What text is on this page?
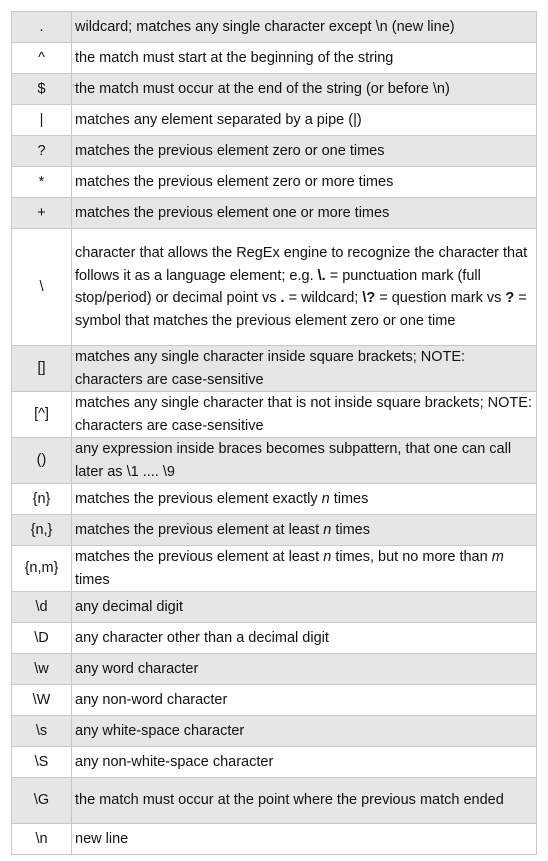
.	wildcard; matches any single character except \n (new line)
^	the match must start at the beginning of the string
$	the match must occur at the end of the string (or before \n)
|	matches any element separated by a pipe (|)
?	matches the previous element zero or one times
*	matches the previous element zero or more times
+	matches the previous element one or more times
\	character that allows the RegEx engine to recognize the character that follows it as a language element; e.g. \. = punctuation mark (full stop/period) or decimal point vs . = wildcard; \? = question mark vs ? = symbol that matches the previous element zero or one time
[]	matches any single character inside square brackets; NOTE: characters are case-sensitive
[^]	matches any single character that is not inside square brackets; NOTE: characters are case-sensitive
()	any expression inside braces becomes subpattern, that one can call later as \1 .... \9
{n}	matches the previous element exactly n times
{n,}	matches the previous element at least n times
{n,m}	matches the previous element at least n times, but no more than m times
\d	any decimal digit
\D	any character other than a decimal digit
\w	any word character
\W	any non-word character
\s	any white-space character
\S	any non-white-space character
\G	the match must occur at the point where the previous match ended
\n	new line
